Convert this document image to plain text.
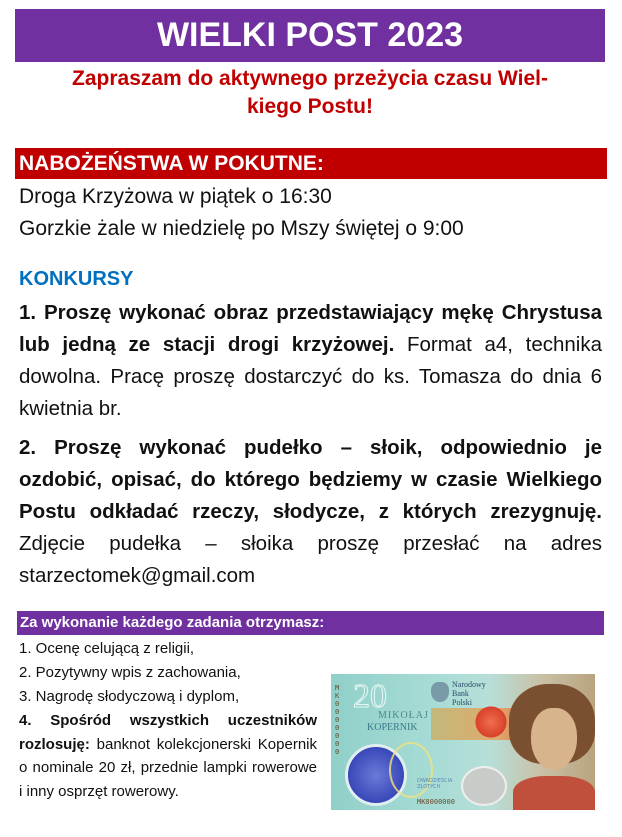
WIELKI POST 2023
Zapraszam do aktywnego przeżycia czasu Wiel-
kiego Postu!
NABOŻEŃSTWA W POKUTNE:
Droga Krzyżowa w piątek o 16:30
Gorzkie żale w niedzielę po Mszy świętej o 9:00
KONKURSY
1. Proszę wykonać obraz przedstawiający mękę Chrystusa lub jedną ze stacji drogi krzyżowej. Format a4, technika dowolna. Pracę proszę dostarczyć do ks. Tomasza do dnia 6 kwietnia br.
2. Proszę wykonać pudełko – słoik, odpowiednio je ozdobić, opisać, do którego będziemy w czasie Wielkiego Postu odkładać rzeczy, słodycze, z których zrezygnuję. Zdjęcie pudełka – słoika proszę przesłać na adres starzectomek@gmail.com
Za wykonanie każdego zadania otrzymasz:
1. Ocenę celującą z religii,
2. Pozytywny wpis z zachowania,
3. Nagrodę słodyczową i dyplom,
4. Spośród wszystkich uczestników rozlosuję: banknot kolekcjonerski Kopernik o nominale 20 zł, przednie lampki rowerowe i inny osprzęt rowerowy.
MK0000000
20
MIKOŁAJ
KOPERNIK
Narodowy
Bank
Polski
DWADZIEŚCIA
ZŁOTYCH
MK0000000
